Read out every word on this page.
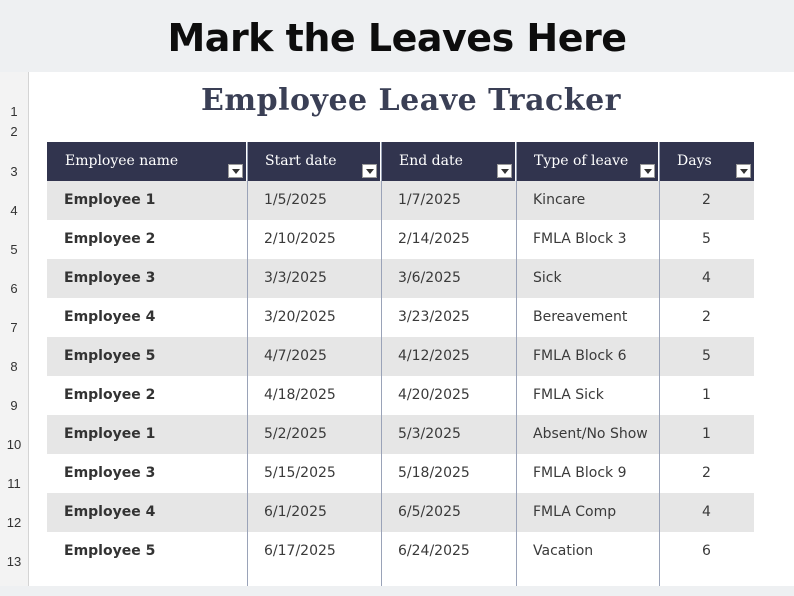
Mark the Leaves Here
1
2
3
4
5
6
7
8
9
10
11
12
13
Employee Leave Tracker
Employee name	Start date	End date	Type of leave	Days
Employee 1	1/5/2025	1/7/2025	Kincare	2
Employee 2	2/10/2025	2/14/2025	FMLA Block 3	5
Employee 3	3/3/2025	3/6/2025	Sick	4
Employee 4	3/20/2025	3/23/2025	Bereavement	2
Employee 5	4/7/2025	4/12/2025	FMLA Block 6	5
Employee 2	4/18/2025	4/20/2025	FMLA Sick	1
Employee 1	5/2/2025	5/3/2025	Absent/No Show	1
Employee 3	5/15/2025	5/18/2025	FMLA Block 9	2
Employee 4	6/1/2025	6/5/2025	FMLA Comp	4
Employee 5	6/17/2025	6/24/2025	Vacation	6
